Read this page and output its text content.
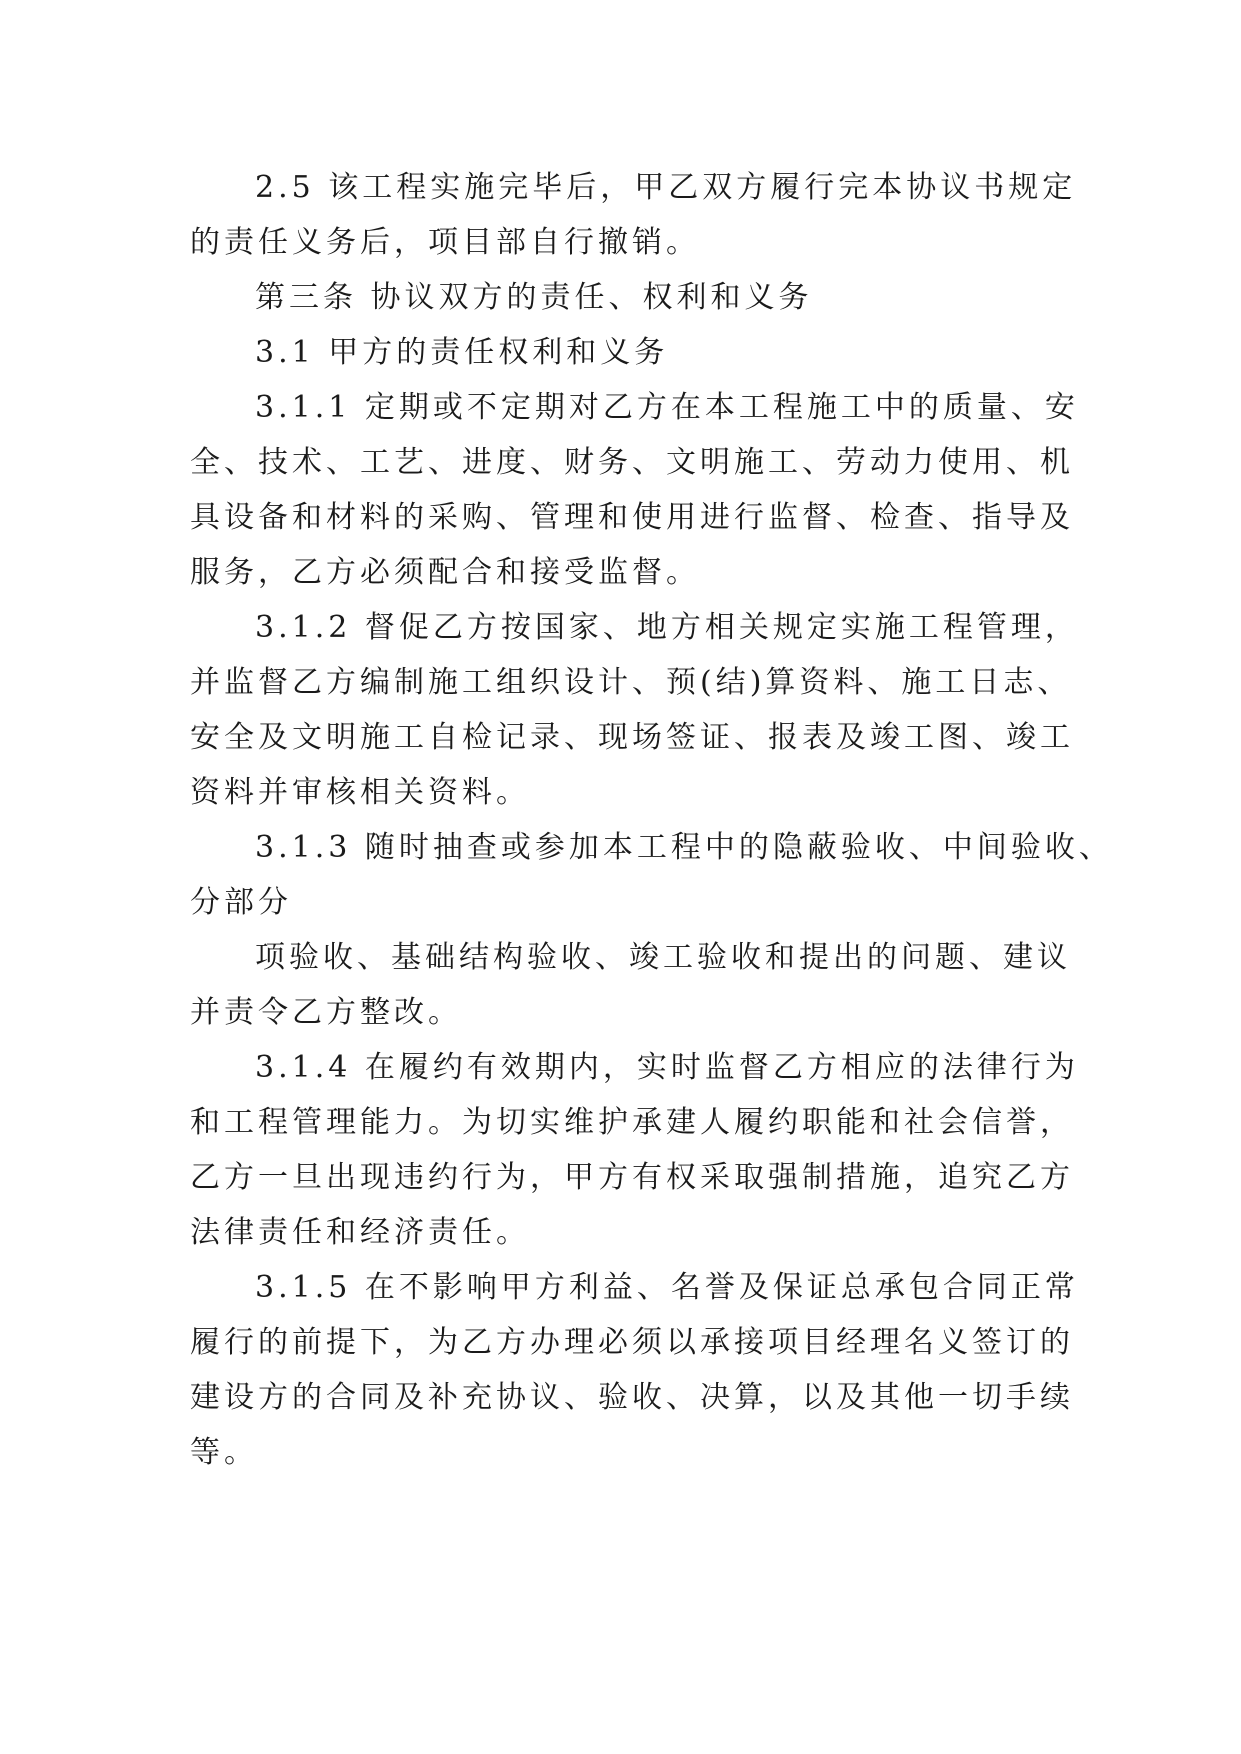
2.5 该工程实施完毕后，甲乙双方履行完本协议书规定
的责任义务后，项目部自行撤销。
第三条 协议双方的责任、权利和义务
3.1 甲方的责任权利和义务
3.1.1 定期或不定期对乙方在本工程施工中的质量、安
全、技术、工艺、进度、财务、文明施工、劳动力使用、机
具设备和材料的采购、管理和使用进行监督、检查、指导及
服务，乙方必须配合和接受监督。
3.1.2 督促乙方按国家、地方相关规定实施工程管理，
并监督乙方编制施工组织设计、预(结)算资料、施工日志、
安全及文明施工自检记录、现场签证、报表及竣工图、竣工
资料并审核相关资料。
3.1.3 随时抽查或参加本工程中的隐蔽验收、中间验收、
分部分
项验收、基础结构验收、竣工验收和提出的问题、建议
并责令乙方整改。
3.1.4 在履约有效期内，实时监督乙方相应的法律行为
和工程管理能力。为切实维护承建人履约职能和社会信誉，
乙方一旦出现违约行为，甲方有权采取强制措施，追究乙方
法律责任和经济责任。
3.1.5 在不影响甲方利益、名誉及保证总承包合同正常
履行的前提下，为乙方办理必须以承接项目经理名义签订的
建设方的合同及补充协议、验收、决算，以及其他一切手续
等。
